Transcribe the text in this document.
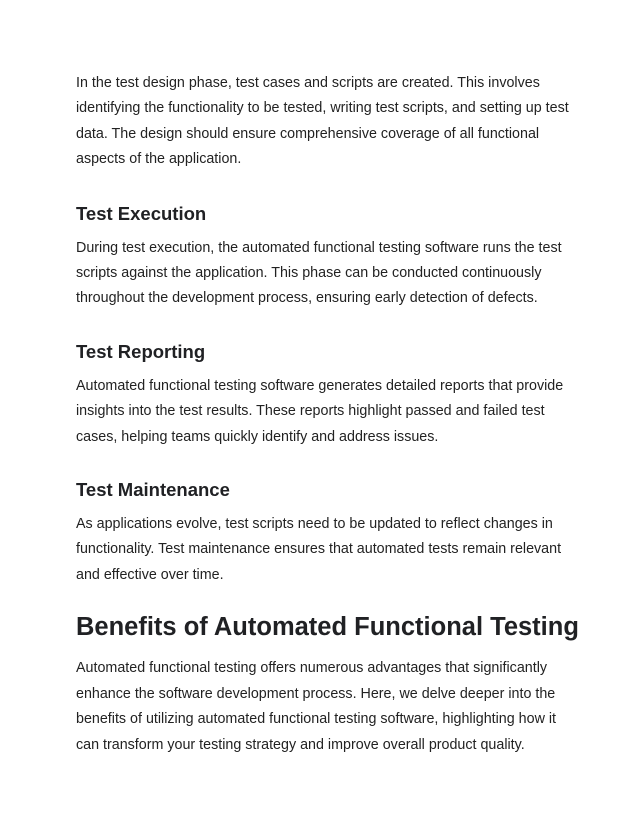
In the test design phase, test cases and scripts are created. This involves identifying the functionality to be tested, writing test scripts, and setting up test data. The design should ensure comprehensive coverage of all functional aspects of the application.

Test Execution

During test execution, the automated functional testing software runs the test scripts against the application. This phase can be conducted continuously throughout the development process, ensuring early detection of defects.

Test Reporting

Automated functional testing software generates detailed reports that provide insights into the test results. These reports highlight passed and failed test cases, helping teams quickly identify and address issues.

Test Maintenance

As applications evolve, test scripts need to be updated to reflect changes in functionality. Test maintenance ensures that automated tests remain relevant and effective over time.

Benefits of Automated Functional Testing

Automated functional testing offers numerous advantages that significantly enhance the software development process. Here, we delve deeper into the benefits of utilizing automated functional testing software, highlighting how it can transform your testing strategy and improve overall product quality.
